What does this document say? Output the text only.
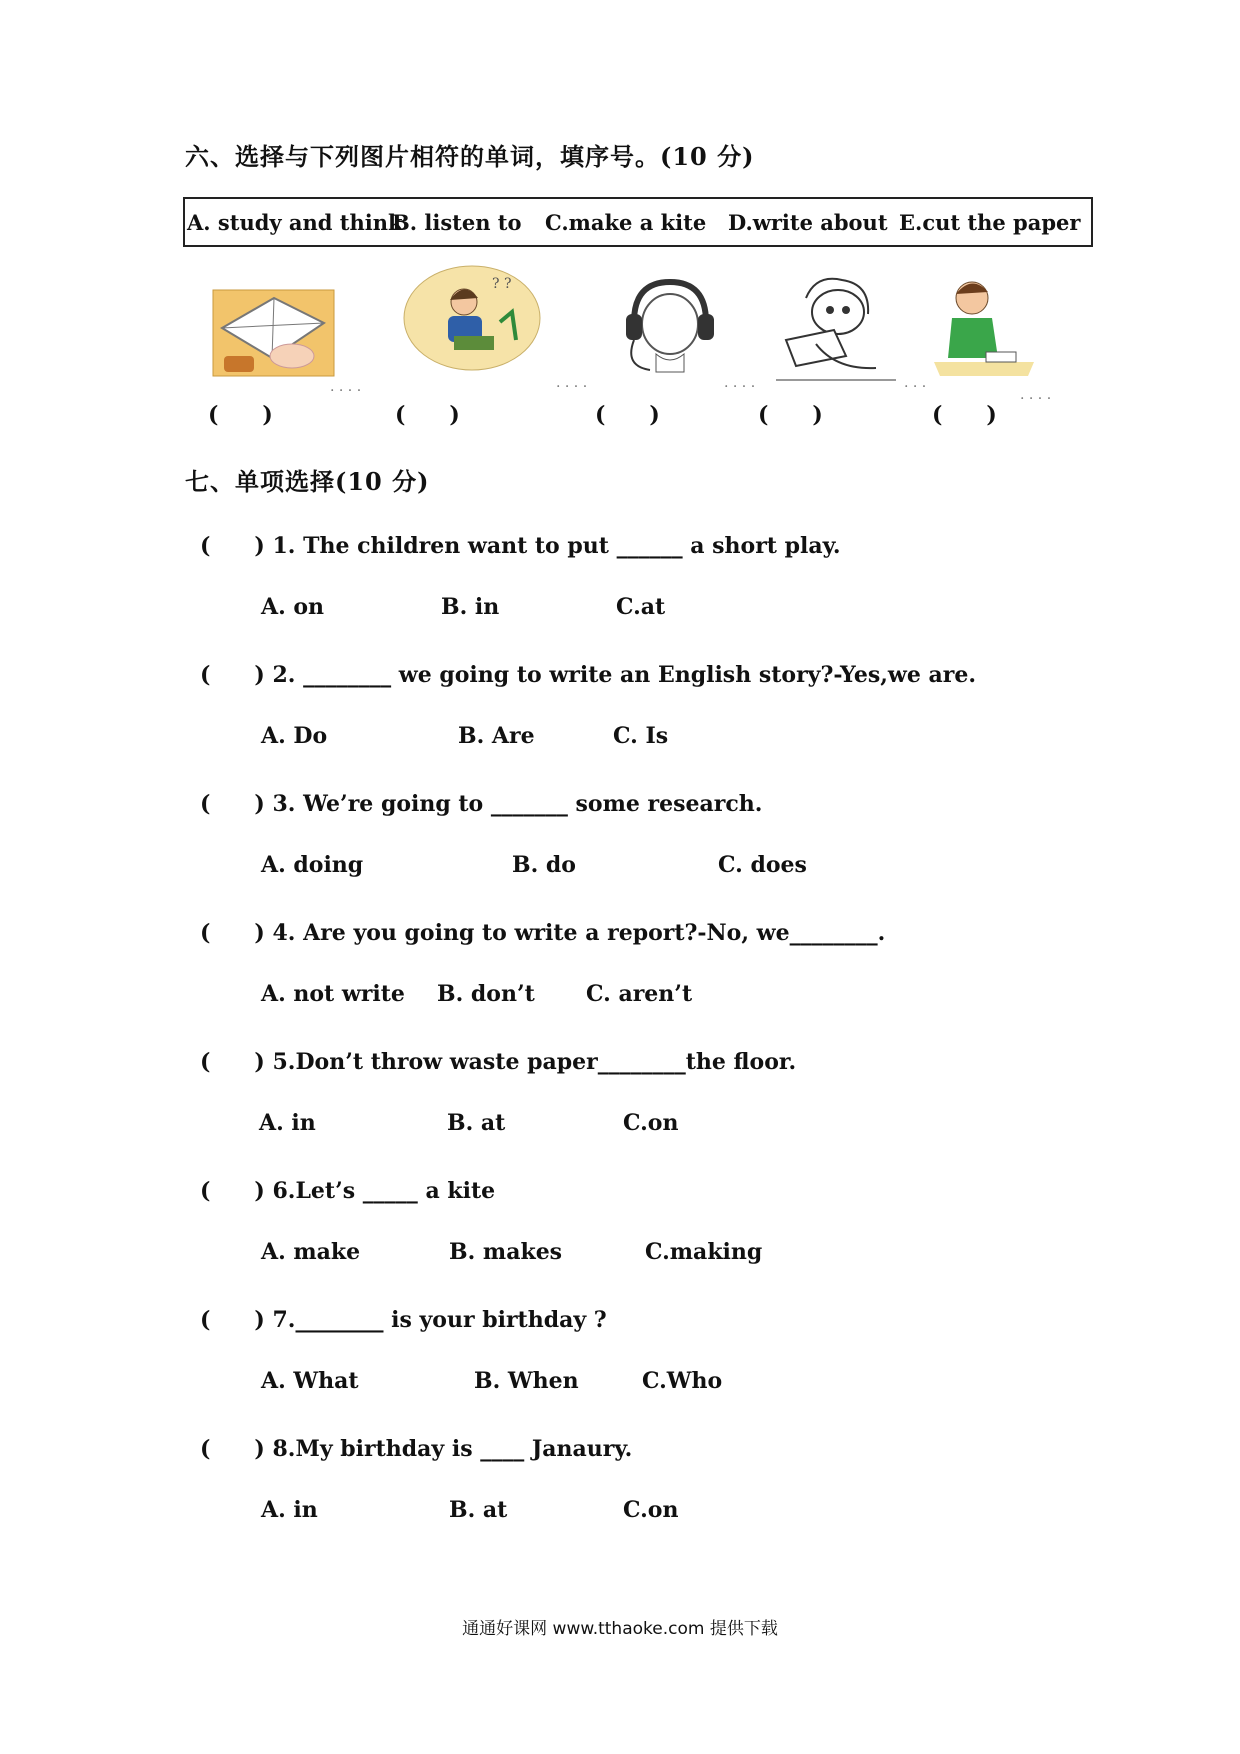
六、选择与下列图片相符的单词，填序号。(10 分)
A. study and think
B. listen to C.make a kite D.write about E.cut the paper
. . . .
? ?
. . . .	. . . .	. . .
. . . .
(　　)	(　　)	(　　)	(　　)	(　　)
七、单项选择(10 分)
(　　) 1. The children want to put ______ a short play.
A. on	B. in	C.at
(　　) 2. ________ we going to write an English story?-Yes,we are.
A. Do	B. Are	C. Is
(　　) 3. We’re going to _______ some research.
A. doing	B. do	C. does
(　　) 4. Are you going to write a report?-No, we________.
A. not write B. don’t C. aren’t
(　　) 5.Don’t throw waste paper________the floor.
A. in	B. at	C.on
(　　) 6.Let’s _____ a kite
A. make	B. makes	C.making
(　　) 7.________ is your birthday ?
A. What	B. When	C.Who
(　　) 8.My birthday is ____ Janaury.
A. in	B. at	C.on
通通好课网 www.tthaoke.com 提供下载
